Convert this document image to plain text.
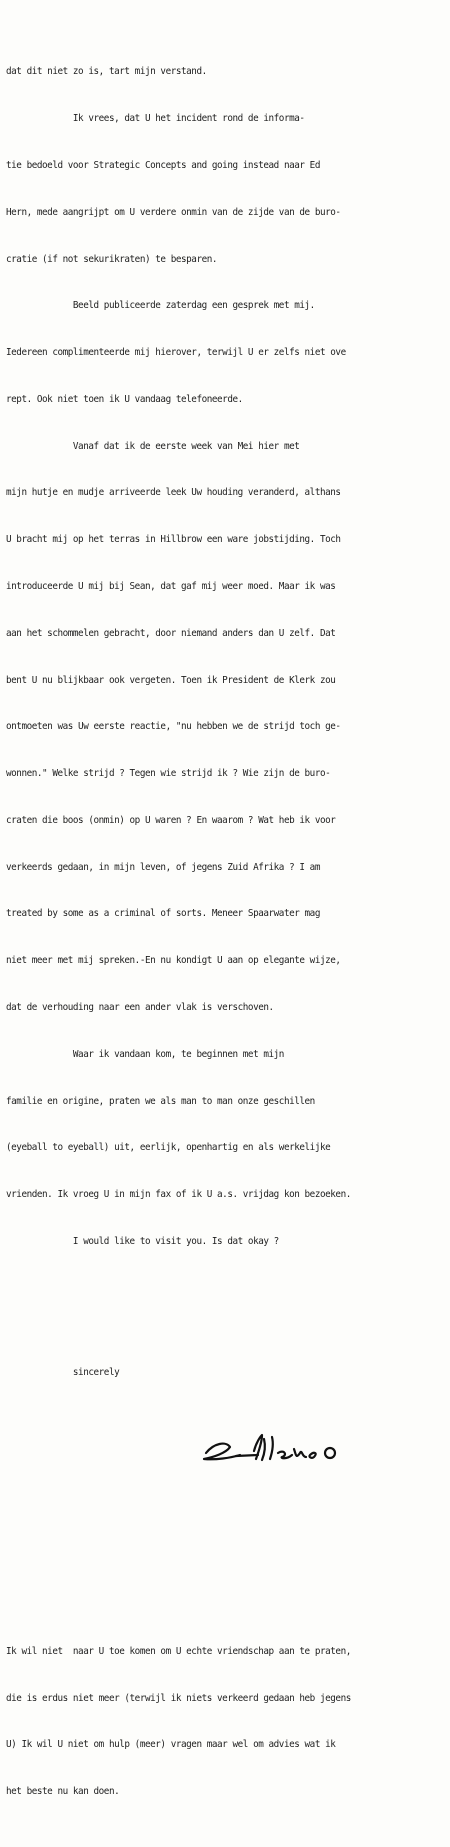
dat dit niet zo is, tart mijn verstand.

Ik vrees, dat U het incident rond de informa-

tie bedoeld voor Strategic Concepts and going instead naar Ed

Hern, mede aangrijpt om U verdere onmin van de zijde van de buro-

cratie (if not sekurikraten) te besparen.

Beeld publiceerde zaterdag een gesprek met mij.

Iedereen complimenteerde mij hierover, terwijl U er zelfs niet ove

rept. Ook niet toen ik U vandaag telefoneerde.

Vanaf dat ik de eerste week van Mei hier met

mijn hutje en mudje arriveerde leek Uw houding veranderd, althans

U bracht mij op het terras in Hillbrow een ware jobstijding. Toch

introduceerde U mij bij Sean, dat gaf mij weer moed. Maar ik was

aan het schommelen gebracht, door niemand anders dan U zelf. Dat

bent U nu blijkbaar ook vergeten. Toen ik President de Klerk zou

ontmoeten was Uw eerste reactie, "nu hebben we de strijd toch ge-

wonnen." Welke strijd ? Tegen wie strijd ik ? Wie zijn de buro-

craten die boos (onmin) op U waren ? En waarom ? Wat heb ik voor

verkeerds gedaan, in mijn leven, of jegens Zuid Afrika ? I am

treated by some as a criminal of sorts. Meneer Spaarwater mag

niet meer met mij spreken.-En nu kondigt U aan op elegante wijze,

dat de verhouding naar een ander vlak is verschoven.

Waar ik vandaan kom, te beginnen met mijn

familie en origine, praten we als man to man onze geschillen

(eyeball to eyeball) uit, eerlijk, openhartig en als werkelijke

vrienden. Ik vroeg U in mijn fax of ik U a.s. vrijdag kon bezoeken.

I would like to visit you. Is dat okay ?

sincerely

Ik wil niet  naar U toe komen om U echte vriendschap aan te praten,

die is erdus niet meer (terwijl ik niets verkeerd gedaan heb jegens

U) Ik wil U niet om hulp (meer) vragen maar wel om advies wat ik

het beste nu kan doen.
